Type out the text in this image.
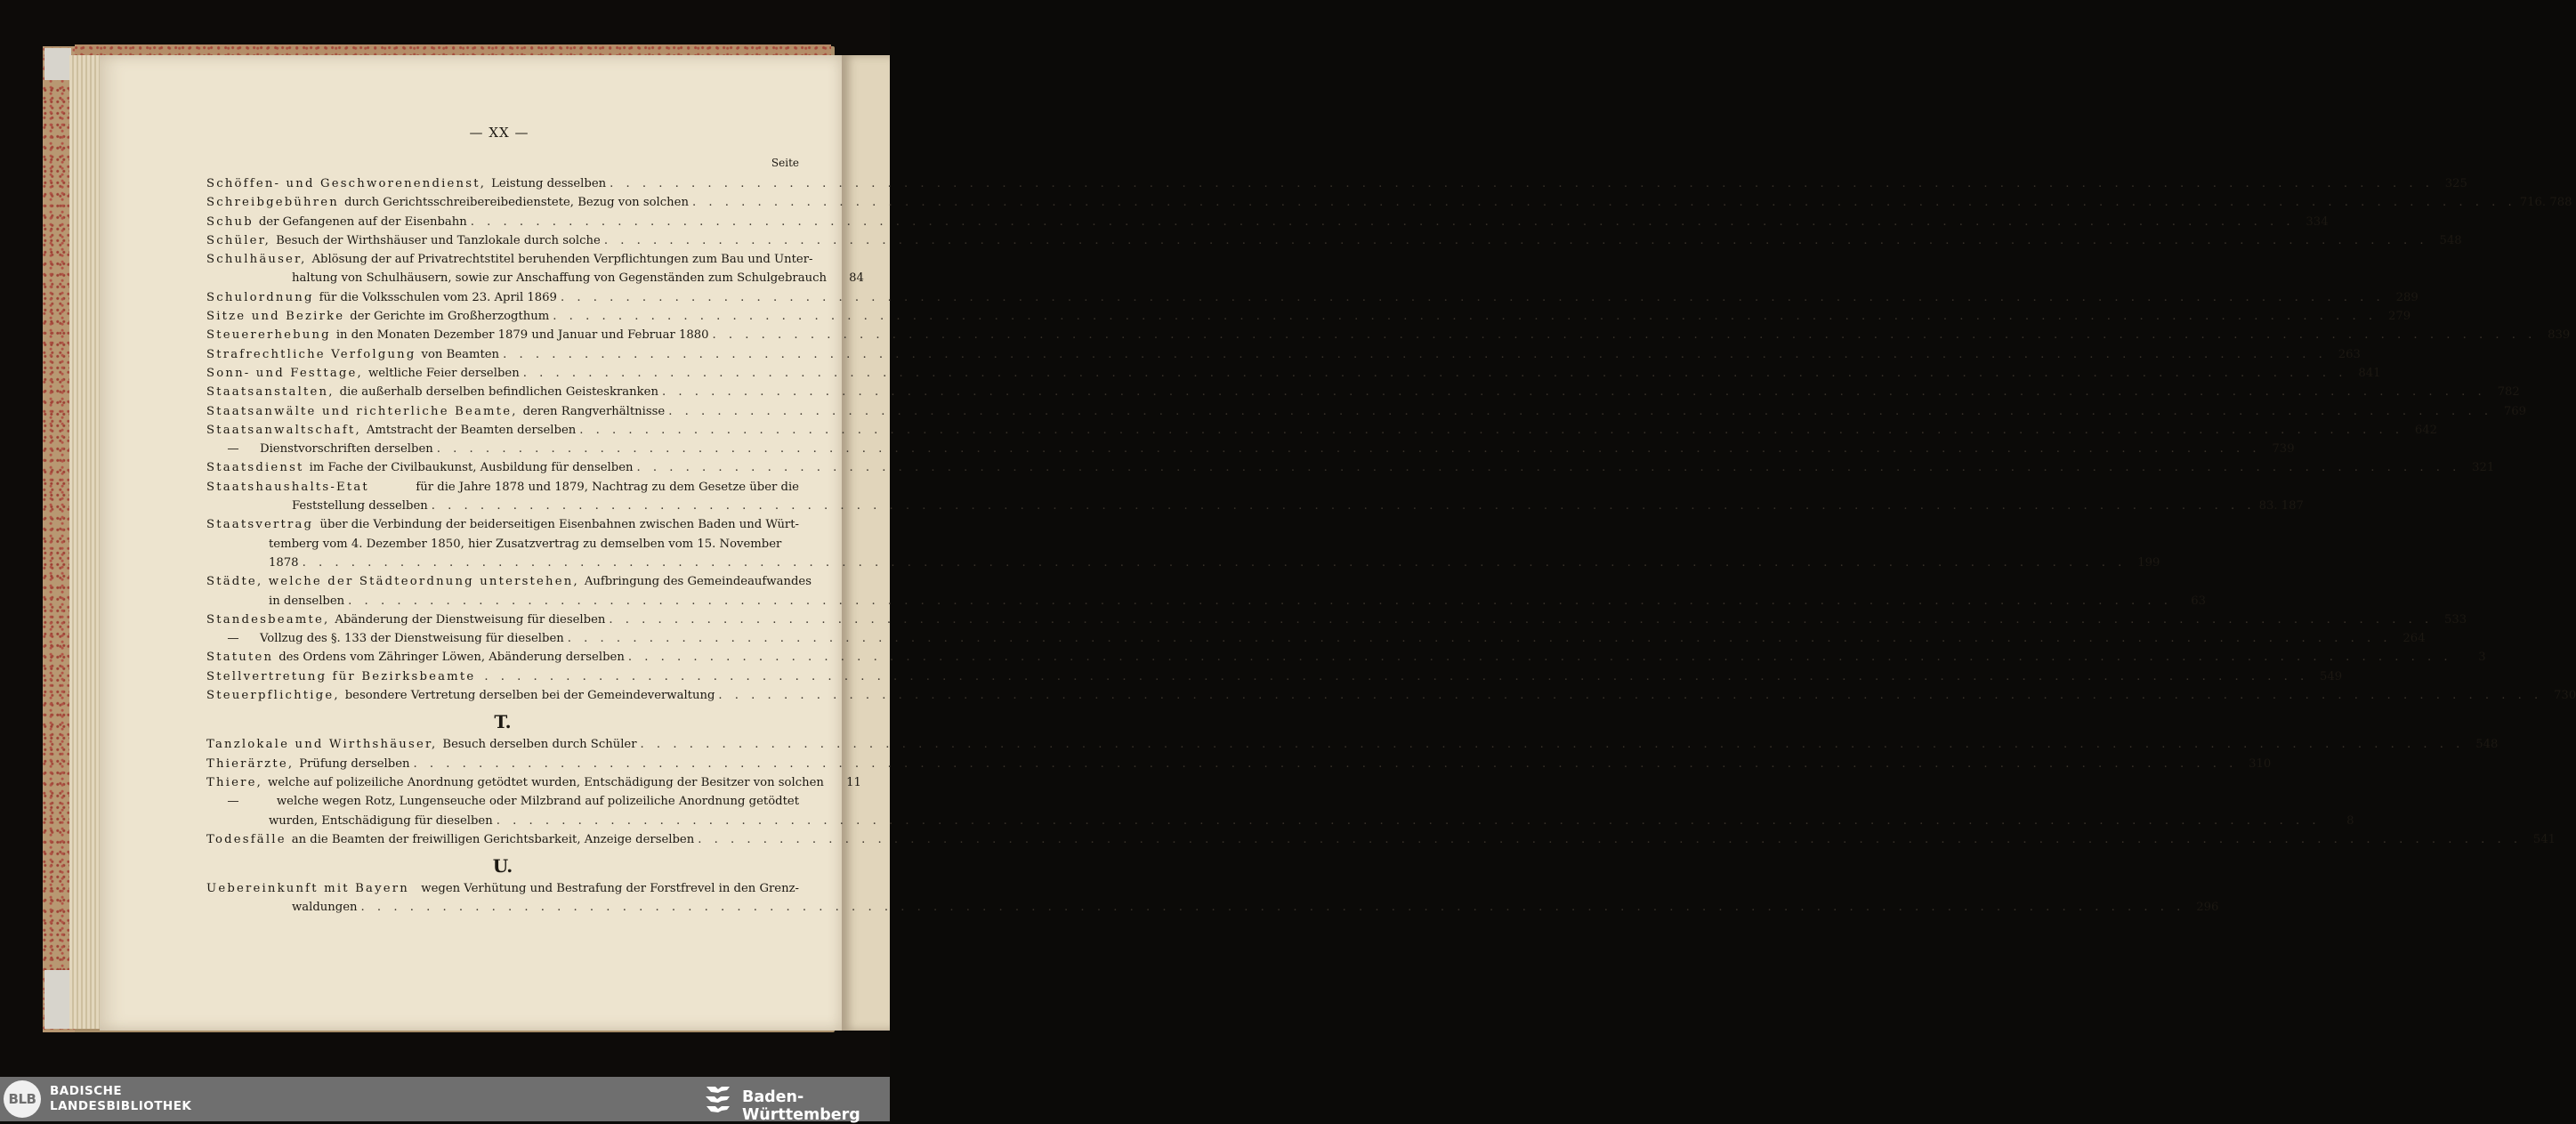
— XX —
Seite
Schöffen- und Geschworenendienst, Leistung desselben . . .	325
Schreibgebühren durch Gerichtsschreibereibedienstete, Bezug von solchen . . .	716. 788
Schub der Gefangenen auf der Eisenbahn . . .	334
Schüler, Besuch der Wirthshäuser und Tanzlokale durch solche . . .	548
Schulhäuser, Ablösung der auf Privatrechtstitel beruhenden Verpflichtungen zum Bau und Unter-
haltung von Schulhäusern, sowie zur Anschaffung von Gegenständen zum Schulgebrauch	84
Schulordnung für die Volksschulen vom 23. April 1869 . . .	289
Sitze und Bezirke der Gerichte im Großherzogthum . . .	279
Steuererhebung in den Monaten Dezember 1879 und Januar und Februar 1880 . . .	839
Strafrechtliche Verfolgung von Beamten . . .	263
Sonn- und Festtage, weltliche Feier derselben . . .	841
Staatsanstalten, die außerhalb derselben befindlichen Geisteskranken . . .	782
Staatsanwälte und richterliche Beamte, deren Rangverhältnisse . . .	769
Staatsanwaltschaft, Amtstracht der Beamten derselben . . .	642
—	Dienstvorschriften derselben . . .	739
Staatsdienst im Fache der Civilbaukunst, Ausbildung für denselben . . .	321
Staatshaushalts-Etat	für die Jahre 1878 und 1879, Nachtrag zu dem Gesetze über die
Feststellung desselben . . .	83. 187
Staatsvertrag über die Verbindung der beiderseitigen Eisenbahnen zwischen Baden und Würt-
temberg vom 4. Dezember 1850, hier Zusatzvertrag zu demselben vom 15. November
1878 . . .	199
Städte, welche der Städteordnung unterstehen, Aufbringung des Gemeindeaufwandes
in denselben . . .	63
Standesbeamte, Abänderung der Dienstweisung für dieselben . . .	533
—	Vollzug des §. 133 der Dienstweisung für dieselben . . .	264
Statuten des Ordens vom Zähringer Löwen, Abänderung derselben . . .	3
Stellvertretung für Bezirksbeamte . . .	549
Steuerpflichtige, besondere Vertretung derselben bei der Gemeindeverwaltung . . .	730
T.
Tanzlokale und Wirthshäuser, Besuch derselben durch Schüler . . .	548
Thierärzte, Prüfung derselben . . .	310
Thiere, welche auf polizeiliche Anordnung getödtet wurden, Entschädigung der Besitzer von solchen	11
—	welche wegen Rotz, Lungenseuche oder Milzbrand auf polizeiliche Anordnung getödtet
wurden, Entschädigung für dieselben . . .	8
Todesfälle an die Beamten der freiwilligen Gerichtsbarkeit, Anzeige derselben . . .	541
U.
Uebereinkunft mit Bayern wegen Verhütung und Bestrafung der Forstfrevel in den Grenz-
waldungen . . .	296
BLB	BADISCHE
LANDESBIBLIOTHEK	Baden-Württemberg
